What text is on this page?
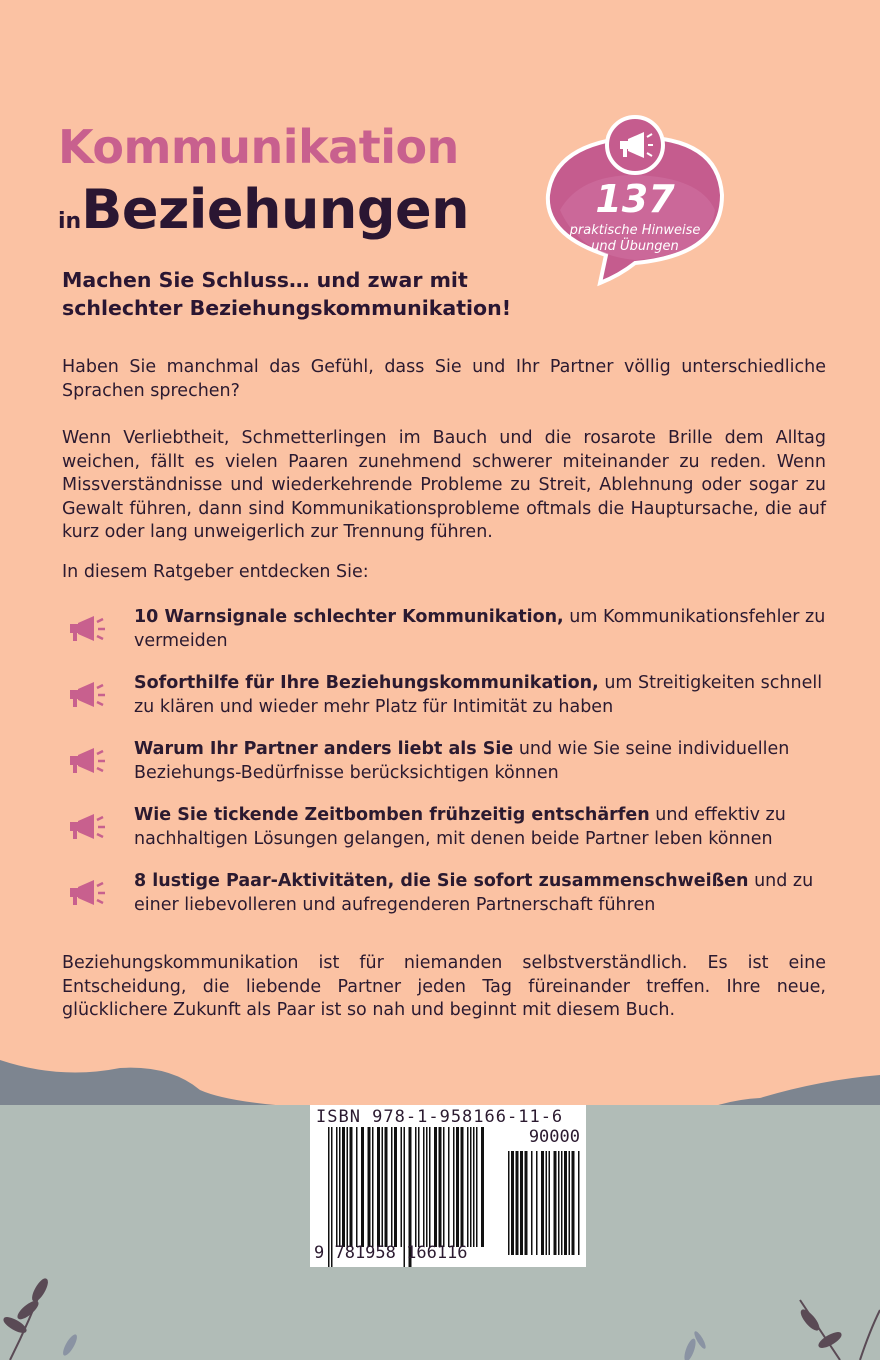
Kommunikation
inBeziehungen	137
praktische Hinweise
und Übungen
Machen Sie Schluss… und zwar mit schlechter Beziehungskommunikation!
Haben Sie manchmal das Gefühl, dass Sie und Ihr Partner völlig unterschiedliche Sprachen sprechen?
Wenn Verliebtheit, Schmetterlingen im Bauch und die rosarote Brille dem Alltag weichen, fällt es vielen Paaren zunehmend schwerer miteinander zu reden. Wenn Missverständnisse und wiederkehrende Probleme zu Streit, Ablehnung oder sogar zu Gewalt führen, dann sind Kommunikationsprobleme oftmals die Hauptursache, die auf kurz oder lang unweigerlich zur Trennung führen.
In diesem Ratgeber entdecken Sie:
10 Warnsignale schlechter Kommunikation, um Kommunikationsfehler zu vermeiden
Soforthilfe für Ihre Beziehungskommunikation, um Streitigkeiten schnell zu klären und wieder mehr Platz für Intimität zu haben
Warum Ihr Partner anders liebt als Sie und wie Sie seine individuellen Beziehungs-Bedürfnisse berücksichtigen können
Wie Sie tickende Zeitbomben frühzeitig entschärfen und effektiv zu nachhaltigen Lösungen gelangen, mit denen beide Partner leben können
8 lustige Paar-Aktivitäten, die Sie sofort zusammenschweißen und zu einer liebevolleren und aufregenderen Partnerschaft führen
Beziehungskommunikation ist für niemanden selbstverständlich. Es ist eine Entscheidung, die liebende Partner jeden Tag füreinander treffen. Ihre neue, glücklichere Zukunft als Paar ist so nah und beginnt mit diesem Buch.
ISBN 978-1-958166-11-6
90000
9 781958 166116
